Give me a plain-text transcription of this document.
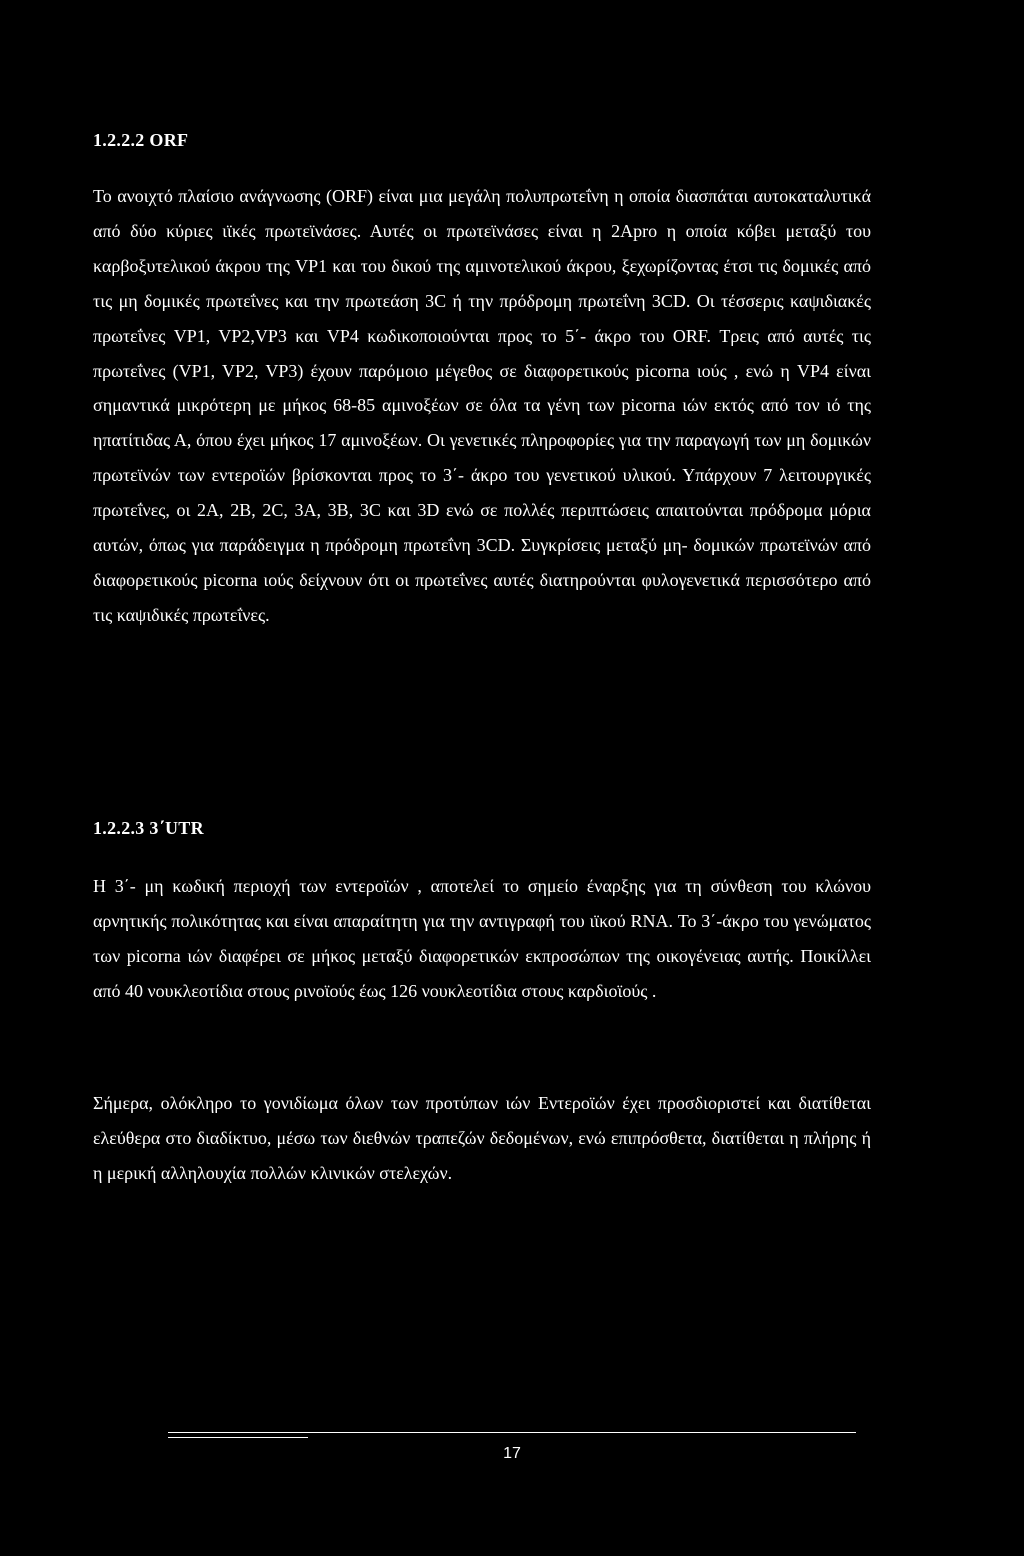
1.2.2.2 ORF

Το ανοιχτό πλαίσιο ανάγνωσης (ORF) είναι μια μεγάλη πολυπρωτεΐνη η οποία διασπάται αυτοκαταλυτικά από δύο κύριες ιϊκές πρωτεϊνάσες. Αυτές οι πρωτεϊνάσες είναι η 2Apro η οποία κόβει μεταξύ του καρβοξυτελικού άκρου της VP1 και του δικού της αμινοτελικού άκρου, ξεχωρίζοντας έτσι τις δομικές από τις μη δομικές πρωτεΐνες και την πρωτεάση 3C ή την πρόδρομη πρωτεΐνη 3CD. Οι τέσσερις καψιδιακές πρωτεΐνες VP1, VP2,VP3 και VP4 κωδικοποιούνται προς το 5΄- άκρο του ORF. Τρεις από αυτές τις πρωτεΐνες (VP1, VP2, VP3) έχουν παρόμοιο μέγεθος σε διαφορετικούς picorna ιούς , ενώ η VP4 είναι σημαντικά μικρότερη με μήκος 68-85 αμινοξέων σε όλα τα γένη των picorna ιών εκτός από τον ιό της ηπατίτιδας Α, όπου έχει μήκος 17 αμινοξέων. Οι γενετικές πληροφορίες για την παραγωγή των μη δομικών πρωτεϊνών των εντεροϊών βρίσκονται προς το 3΄- άκρο του γενετικού υλικού. Υπάρχουν 7 λειτουργικές πρωτεΐνες, οι 2Α, 2Β, 2C, 3Α, 3Β, 3C και 3D ενώ σε πολλές περιπτώσεις απαιτούνται πρόδρομα μόρια αυτών, όπως για παράδειγμα η πρόδρομη πρωτεΐνη 3CD. Συγκρίσεις μεταξύ μη- δομικών πρωτεϊνών από διαφορετικούς picorna ιούς δείχνουν ότι οι πρωτεΐνες αυτές διατηρούνται φυλογενετικά περισσότερο από τις καψιδικές πρωτεΐνες.

1.2.2.3 3΄UTR

Η 3΄- μη κωδική περιοχή των εντεροϊών , αποτελεί το σημείο έναρξης για τη σύνθεση του κλώνου αρνητικής πολικότητας και είναι απαραίτητη για την αντιγραφή του ιϊκού RNA. Το 3΄-άκρο του γενώματος των picorna ιών διαφέρει σε μήκος μεταξύ διαφορετικών εκπροσώπων της οικογένειας αυτής. Ποικίλλει από 40 νουκλεοτίδια στους ρινοϊούς έως 126 νουκλεοτίδια στους καρδιοϊούς .

Σήμερα, ολόκληρο το γονιδίωμα όλων των προτύπων ιών Εντεροϊών έχει προσδιοριστεί και διατίθεται ελεύθερα στο διαδίκτυο, μέσω των διεθνών τραπεζών δεδομένων, ενώ επιπρόσθετα, διατίθεται η πλήρης ή η μερική αλληλουχία πολλών κλινικών στελεχών.

17
